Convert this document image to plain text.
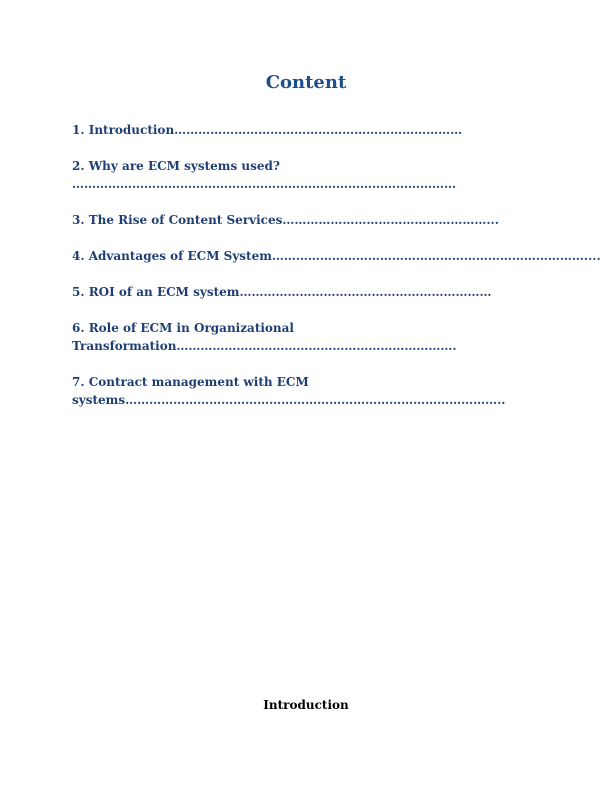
Content
1. Introduction………………………………………………………………
2. Why are ECM systems used?
……………………………………………………………………………………
3. The Rise of Content Services……………………………………………...
4. Advantages of ECM System……………………………………………………………………....
5. ROI of an ECM system………………………………………………………
6. Role of ECM in Organizational
Transformation…………………………………………………………….
7. Contract management with ECM
systems…………………………………………………………………………………..
Introduction
